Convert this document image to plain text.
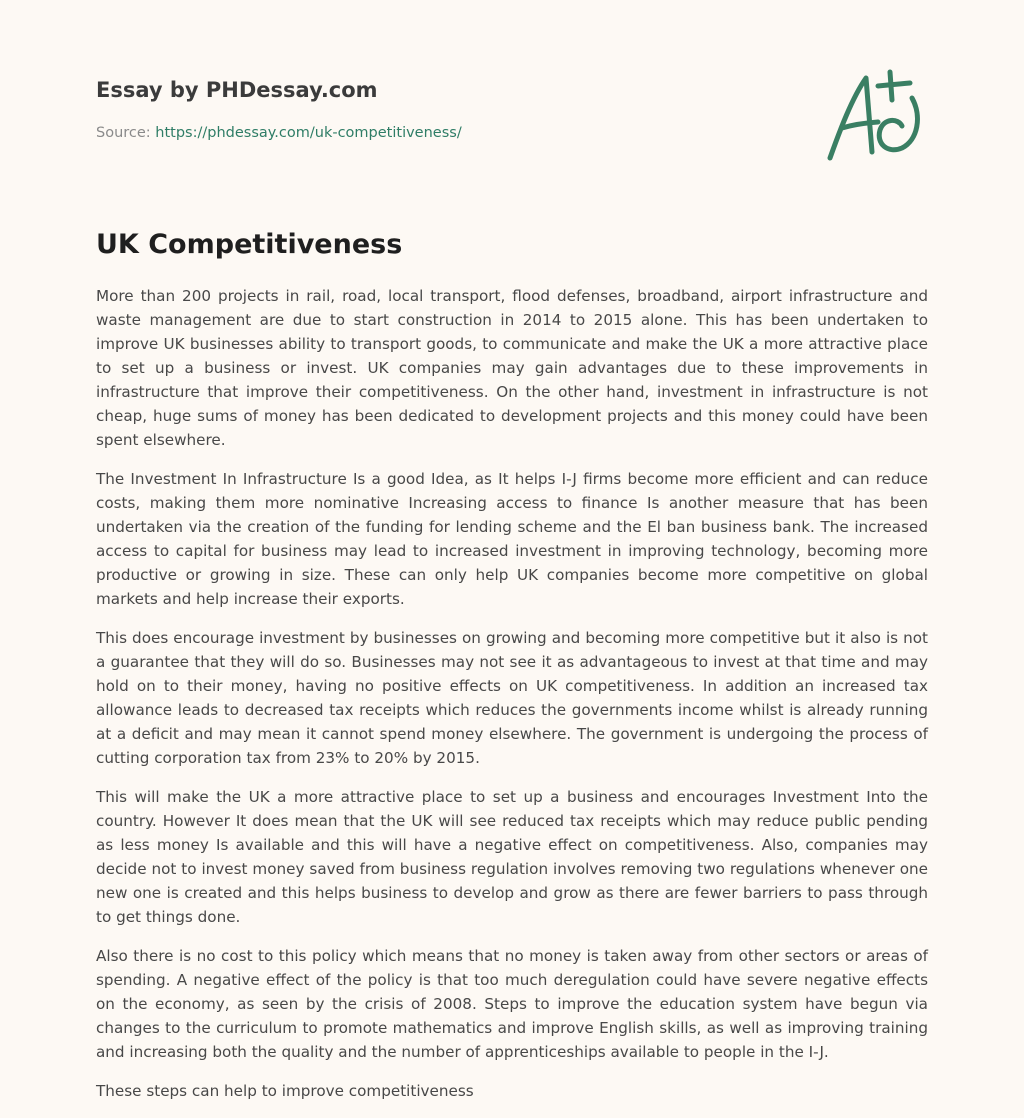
Essay by PHDessay.com
Source: https://phdessay.com/uk-competitiveness/
UK Competitiveness

More than 200 projects in rail, road, local transport, flood defenses, broadband, airport infrastructure and waste management are due to start construction in 2014 to 2015 alone. This has been undertaken to improve UK businesses ability to transport goods, to communicate and make the UK a more attractive place to set up a business or invest. UK companies may gain advantages due to these improvements in infrastructure that improve their competitiveness. On the other hand, investment in infrastructure is not cheap, huge sums of money has been dedicated to development projects and this money could have been spent elsewhere.

The Investment In Infrastructure Is a good Idea, as It helps I-J firms become more efficient and can reduce costs, making them more nominative Increasing access to finance Is another measure that has been undertaken via the creation of the funding for lending scheme and the El ban business bank. The increased access to capital for business may lead to increased investment in improving technology, becoming more productive or growing in size. These can only help UK companies become more competitive on global markets and help increase their exports.

This does encourage investment by businesses on growing and becoming more competitive but it also is not a guarantee that they will do so. Businesses may not see it as advantageous to invest at that time and may hold on to their money, having no positive effects on UK competitiveness. In addition an increased tax allowance leads to decreased tax receipts which reduces the governments income whilst is already running at a deficit and may mean it cannot spend money elsewhere. The government is undergoing the process of cutting corporation tax from 23% to 20% by 2015.

This will make the UK a more attractive place to set up a business and encourages Investment Into the country. However It does mean that the UK will see reduced tax receipts which may reduce public pending as less money Is available and this will have a negative effect on competitiveness. Also, companies may decide not to invest money saved from business regulation involves removing two regulations whenever one new one is created and this helps business to develop and grow as there are fewer barriers to pass through to get things done.

Also there is no cost to this policy which means that no money is taken away from other sectors or areas of spending. A negative effect of the policy is that too much deregulation could have severe negative effects on the economy, as seen by the crisis of 2008. Steps to improve the education system have begun via changes to the curriculum to promote mathematics and improve English skills, as well as improving training and increasing both the quality and the number of apprenticeships available to people in the I-J.

These steps can help to improve competitiveness
